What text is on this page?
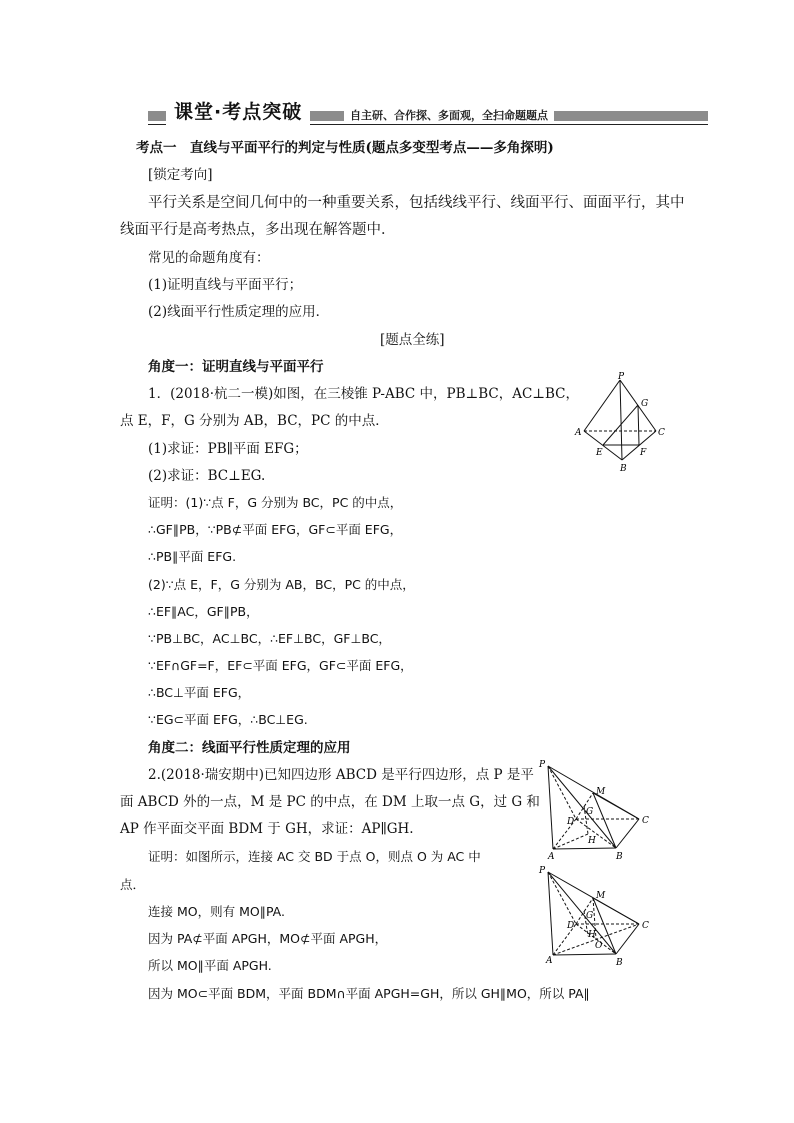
课堂·考点突破	自主研、合作探、多面观，全扫命题题点
考点一　直线与平面平行的判定与性质(题点多变型考点——多角探明)
[锁定考向]
平行关系是空间几何中的一种重要关系，包括线线平行、线面平行、面面平行，其中
线面平行是高考热点，多出现在解答题中．
常见的命题角度有：
(1)证明直线与平面平行；
(2)线面平行性质定理的应用．
[题点全练]
角度一：证明直线与平面平行
1．(2018·杭二一模)如图，在三棱锥 P-ABC 中，PB⊥BC，AC⊥BC，
点 E，F，G 分别为 AB，BC，PC 的中点．
(1)求证：PB∥平面 EFG；
(2)求证：BC⊥EG.
证明：(1)∵点 F，G 分别为 BC，PC 的中点，
∴GF∥PB，∵PB⊄平面 EFG，GF⊂平面 EFG，
∴PB∥平面 EFG.
(2)∵点 E，F，G 分别为 AB，BC，PC 的中点，
∴EF∥AC，GF∥PB，
∵PB⊥BC，AC⊥BC，∴EF⊥BC，GF⊥BC，
∵EF∩GF=F，EF⊂平面 EFG，GF⊂平面 EFG，
∴BC⊥平面 EFG，
∵EG⊂平面 EFG，∴BC⊥EG.
角度二：线面平行性质定理的应用
2.(2018·瑞安期中)已知四边形 ABCD 是平行四边形，点 P 是平
面 ABCD 外的一点，M 是 PC 的中点，在 DM 上取一点 G，过 G 和
AP 作平面交平面 BDM 于 GH，求证：AP∥GH.
证明：如图所示，连接 AC 交 BD 于点 O，则点 O 为 AC 中
点．
连接 MO，则有 MO∥PA.
因为 PA⊄平面 APGH，MO⊄平面 APGH，
所以 MO∥平面 APGH.
因为 MO⊂平面 BDM，平面 BDM∩平面 APGH=GH，所以 GH∥MO，所以 PA∥
P
G
A	C
E	F
B
P
M
D
G
H
C
A	B
P
M
G
D
H
O
C
A	B
